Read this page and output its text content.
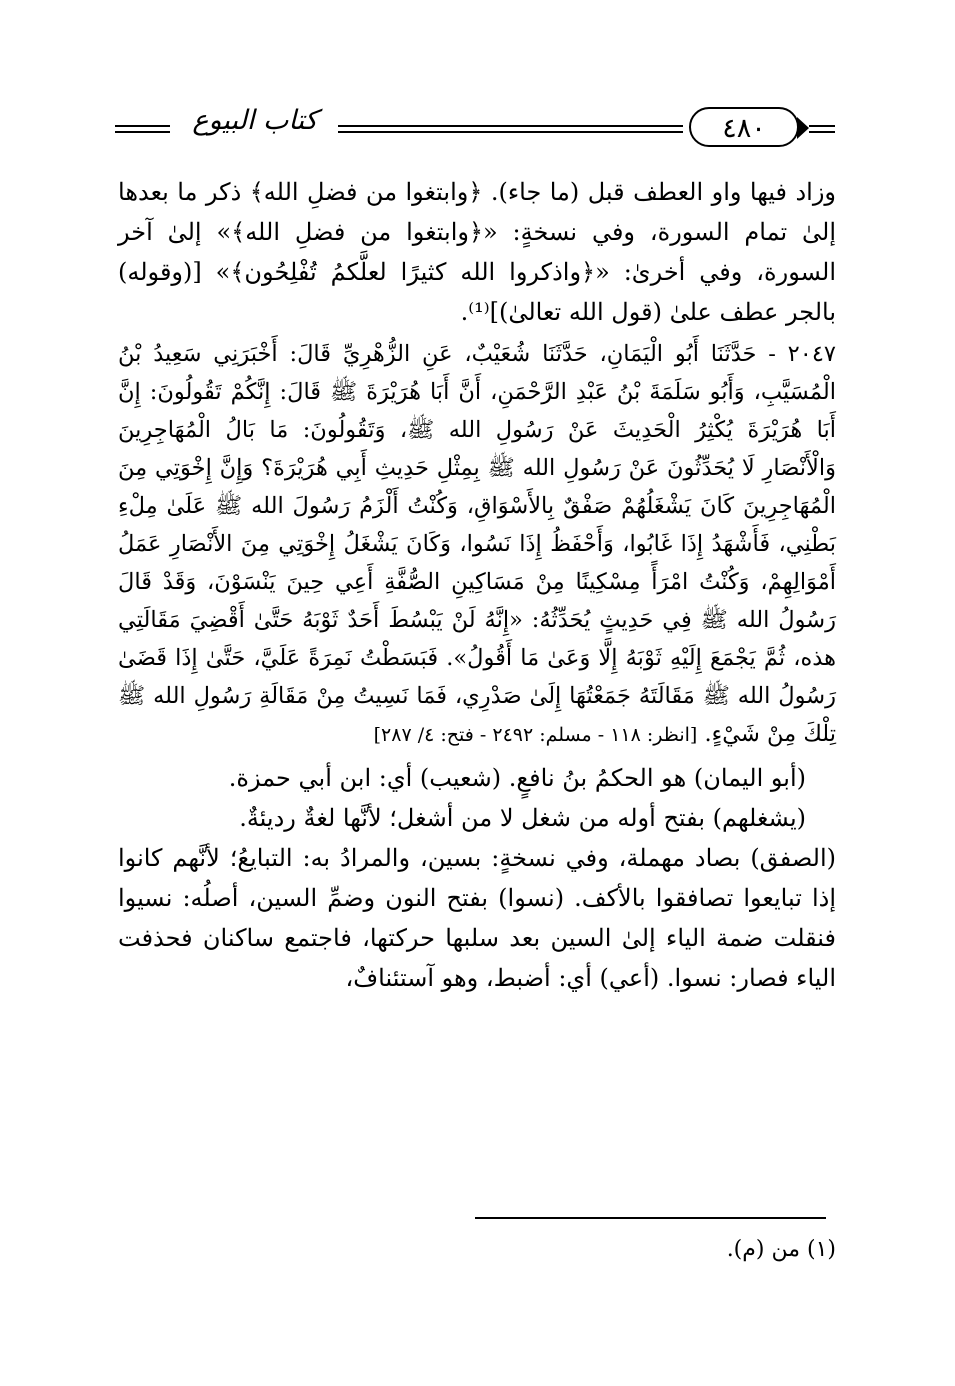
كتاب البيوع	٤٨٠

وزاد فيها واو العطف قبل (ما جاء). ﴿وابتغوا من فضلِ الله﴾ ذكر ما بعدها إلىٰ تمام السورة، وفي نسخةٍ: «﴿وابتغوا من فضلِ الله﴾» إلىٰ آخر السورة، وفي أخرىٰ: «﴿واذكروا الله كثيرًا لعلَّكمُ تُفْلِحُون﴾» [(وقوله) بالجر عطف علىٰ (قول الله تعالىٰ)]⁽¹⁾.

٢٠٤٧ - حَدَّثَنَا أَبُو الْيَمَانِ، حَدَّثَنَا شُعَيْبٌ، عَنِ الزُّهْرِيِّ قَالَ: أَخْبَرَنِي سَعِيدُ بْنُ الْمُسَيَّبِ، وَأَبُو سَلَمَةَ بْنُ عَبْدِ الرَّحْمَنِ، أَنَّ أَبَا هُرَيْرَةَ ﷺ قَالَ: إِنَّكُمْ تَقُولُونَ: إِنَّ أَبَا هُرَيْرَةَ يُكْثِرُ الْحَدِيثَ عَنْ رَسُولِ الله ﷺ، وَتَقُولُونَ: مَا بَالُ الْمُهَاجِرِينَ وَالْأَنْصَارِ لَا يُحَدِّثُونَ عَنْ رَسُولِ الله ﷺ بِمِثْلِ حَدِيثِ أَبِي هُرَيْرَةَ؟ وَإِنَّ إِخْوَتِي مِنَ الْمُهَاجِرِينَ كَانَ يَشْغَلُهُمْ صَفْقٌ بِالأَسْوَاقِ، وَكُنْتُ أَلْزَمُ رَسُولَ الله ﷺ عَلَىٰ مِلْءِ بَطْنِي، فَأَشْهَدُ إِذَا غَابُوا، وَأَحْفَظُ إِذَا نَسُوا، وَكَانَ يَشْغَلُ إِخْوَتِي مِنَ الأَنْصَارِ عَمَلُ أَمْوَالِهِمْ، وَكُنْتُ امْرَأً مِسْكِينًا مِنْ مَسَاكِينِ الصُّفَّةِ أَعِي حِينَ يَنْسَوْنَ، وَقَدْ قَالَ رَسُولُ الله ﷺ فِي حَدِيثٍ يُحَدِّثُهُ: «إِنَّهُ لَنْ يَبْسُطَ أَحَدٌ ثَوْبَهُ حَتَّىٰ أَقْضِيَ مَقَالَتِي هذه، ثُمَّ يَجْمَعَ إِلَيْهِ ثَوْبَهُ إِلَّا وَعَىٰ مَا أَقُولُ». فَبَسَطْتُ نَمِرَةً عَلَيَّ، حَتَّىٰ إِذَا قَضَىٰ رَسُولُ الله ﷺ مَقَالَتَهُ جَمَعْتُهَا إِلَىٰ صَدْرِي، فَمَا نَسِيتُ مِنْ مَقَالَةِ رَسُولِ الله ﷺ تِلْكَ مِنْ شَيْءٍ. [انظر: ١١٨ - مسلم: ٢٤٩٢ - فتح: ٤/ ٢٨٧]

(أبو اليمان) هو الحكمُ بنُ نافعٍ. (شعيب) أي: ابن أبي حمزة.

(يشغلهم) بفتح أوله من شغل لا من أشغل؛ لأنَّها لغةٌ رديئةٌ.

(الصفق) بصاد مهملة، وفي نسخةٍ: بسين، والمرادُ به: التبايعُ؛ لأنَّهم كانوا إذا تبايعوا تصافقوا بالأكف. (نسوا) بفتح النون وضمِّ السين، أصلُه: نسيوا فنقلت ضمة الياء إلىٰ السين بعد سلبها حركتها، فاجتمع ساكنان فحذفت الياء فصار: نسوا. (أعي) أي: أضبط، وهو آستئنافٌ،

(١) من (م).
